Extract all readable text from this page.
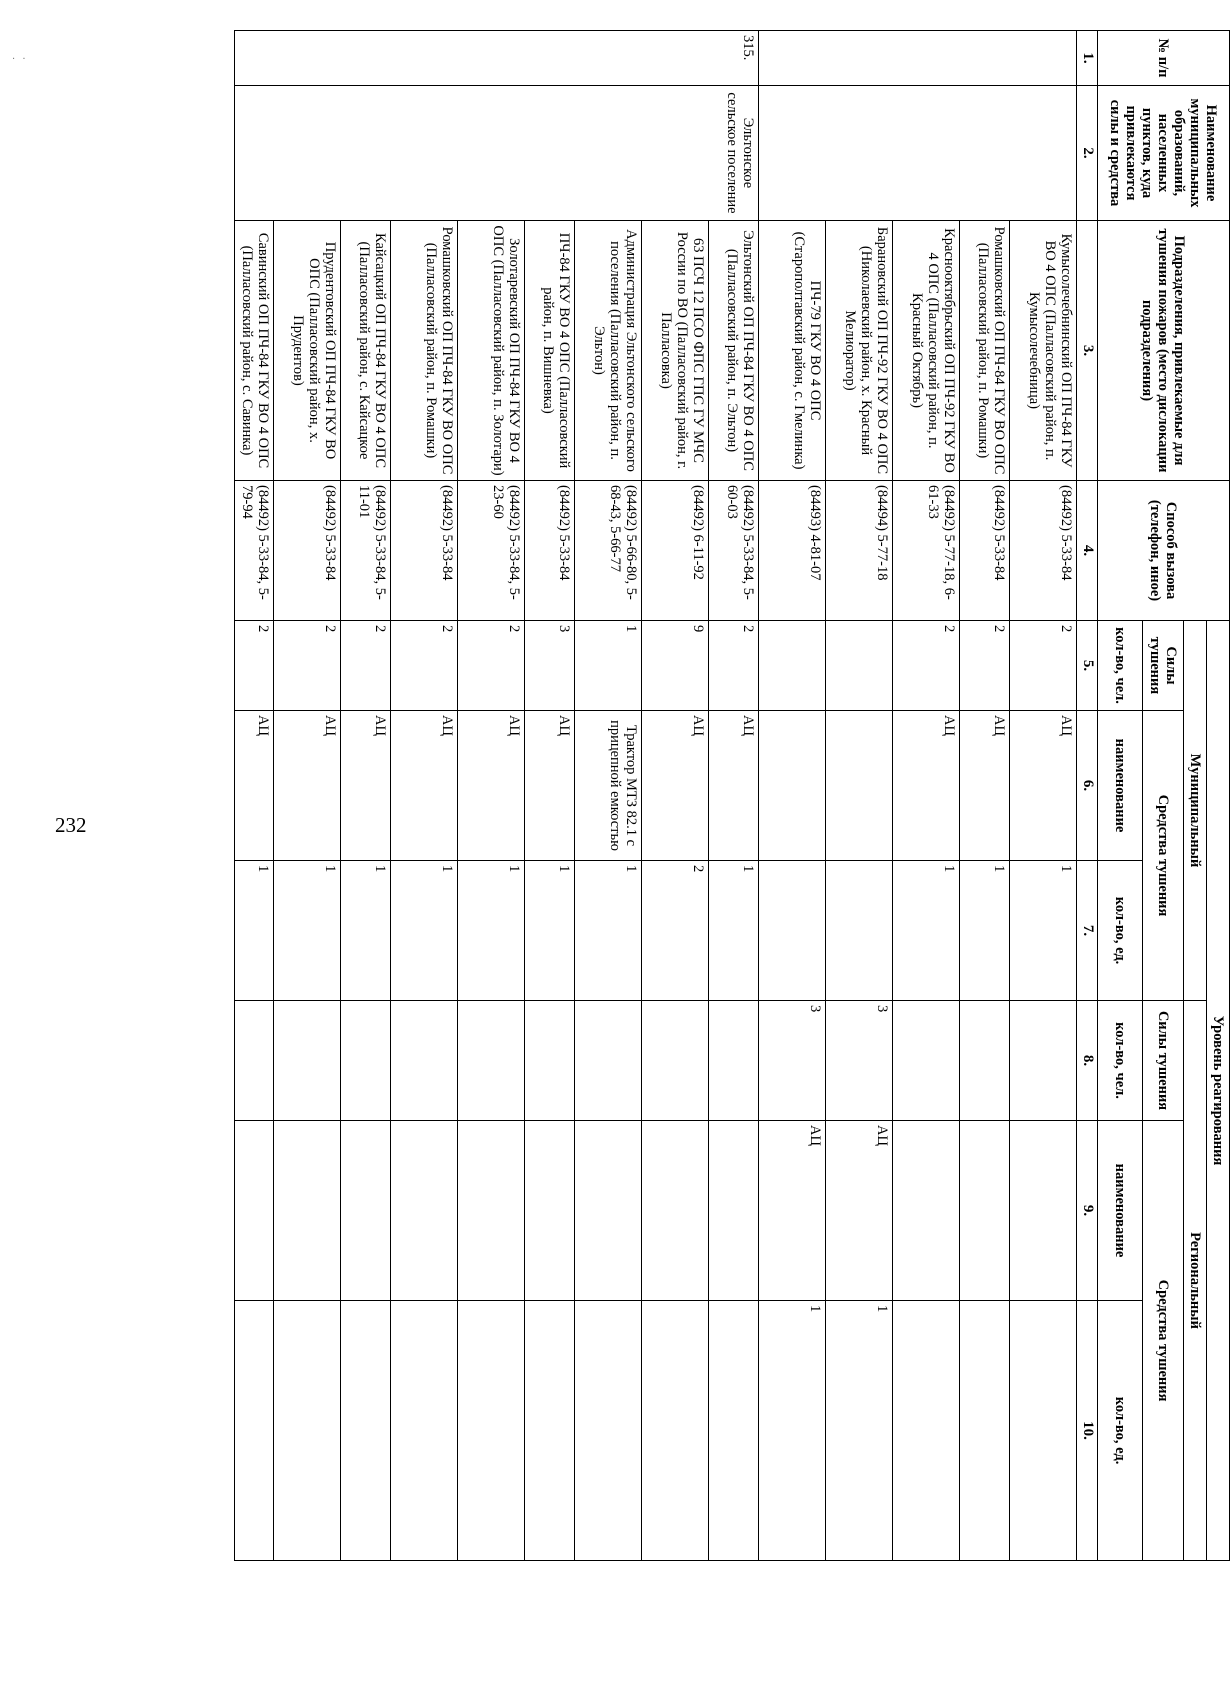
· ·
232
№ п/п	Наименование муниципальных образований, населенных пунктов, куда привлекаются силы и средства	Подразделения, привлекаемые для тушения пожаров (место дислокации подразделения)	Способ вызова (телефон, иное)	Уровень реагирования					
				Муниципальный			Региональный		
				Силы тушения	Средства тушения		Силы тушения	Средства тушения	
				кол-во, чел.	наименование	кол-во, ед.	кол-во, чел.	наименование	кол-во, ед.
1.	2.	3.	4.	5.	6.	7.	8.	9.	10.
		Кумысолечебнинский ОП ПЧ-84 ГКУ ВО 4 ОПС (Палласовский район, п. Кумысолечебница)	(84492) 5-33-84	2	АЦ	1			
		Ромашковский ОП ПЧ-84 ГКУ ВО ОПС (Палласовский район, п. Ромашки)	(84492) 5-33-84	2	АЦ	1			
		Краснооктябрьский ОП ПЧ-92 ГКУ ВО 4 ОПС (Палласовский район, п. Красный Октябрь)	(84492) 5-77-18, 6-61-33	2	АЦ	1			
		Барановский ОП ПЧ-92 ГКУ ВО 4 ОПС (Николаевский район, х. Красный Мелиоратор)	(84494) 5-77-18				3	АЦ	1
		ПЧ-79 ГКУ ВО 4 ОПС (Старополтавский район, с. Гмелинка)	(84493) 4-81-07				3	АЦ	1
315.	Эльтонское сельское поселение	Эльтонский ОП ПЧ-84 ГКУ ВО 4 ОПС (Палласовский район, п. Эльтон)	(84492) 5-33-84, 5-60-03	2	АЦ	1			
		63 ПСЧ 12 ПСО ФПС ГПС ГУ МЧС России по ВО (Палласовский район, г. Палласовка)	(84492) 6-11-92	9	АЦ	2			
		Администрация Эльтонского сельского поселения (Палласовский район, п. Эльтон)	(84492) 5-66-80, 5-68-43, 5-66-77	1	Трактор МТЗ 82.1 с прицепной емкостью	1			
		ПЧ-84 ГКУ ВО 4 ОПС (Палласовский район, п. Вишневка)	(84492) 5-33-84	3	АЦ	1			
		Золотаревский ОП ПЧ-84 ГКУ ВО 4 ОПС (Палласовский район, п. Золотари)	(84492) 5-33-84, 5-23-60	2	АЦ	1			
		Ромашковский ОП ПЧ-84 ГКУ ВО ОПС (Палласовский район, п. Ромашки)	(84492) 5-33-84	2	АЦ	1			
		Кайсацкий ОП ПЧ-84 ГКУ ВО 4 ОПС (Палласовский район, с. Кайсацкое	(84492) 5-33-84, 5-11-01	2	АЦ	1			
		Прудентовский ОП ПЧ-84 ГКУ ВО ОПС (Палласовский район, х. Прудентов)	(84492) 5-33-84	2	АЦ	1			
		Савинский ОП ПЧ-84 ГКУ ВО 4 ОПС (Палласовский район, с. Савинка)	(84492) 5-33-84, 5-79-94	2	АЦ	1			
